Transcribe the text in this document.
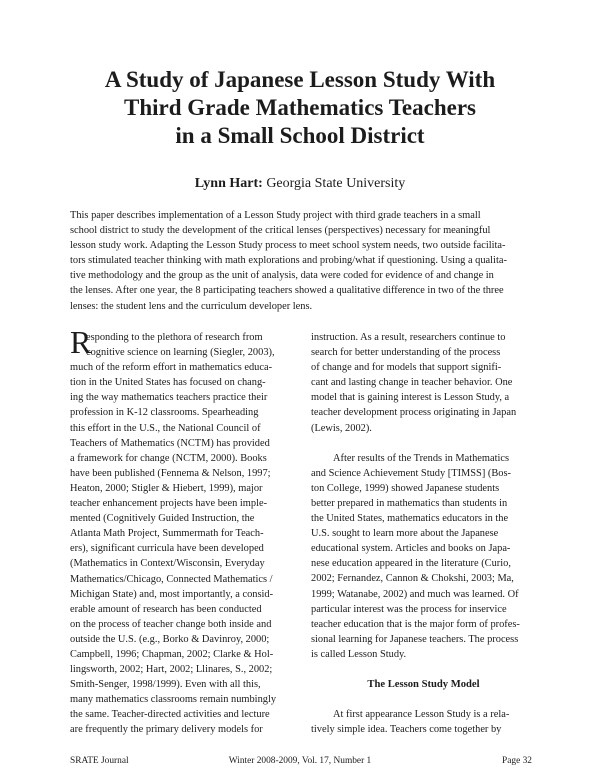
A Study of Japanese Lesson Study With
Third Grade Mathematics Teachers
in a Small School District
Lynn Hart: Georgia State University
This paper describes implementation of a Lesson Study project with third grade teachers in a small
school district to study the development of the critical lenses (perspectives) necessary for meaningful
lesson study work. Adapting the Lesson Study process to meet school system needs, two outside facilita-
tors stimulated teacher thinking with math explorations and probing/what if questioning. Using a qualita-
tive methodology and the group as the unit of analysis, data were coded for evidence of and change in
the lenses. After one year, the 8 participating teachers showed a qualitative difference in two of the three
lenses: the student lens and the curriculum developer lens.
R
esponding to the plethora of research from
cognitive science on learning (Siegler, 2003),
much of the reform effort in mathematics educa-
tion in the United States has focused on chang-
ing the way mathematics teachers practice their
profession in K-12 classrooms. Spearheading
this effort in the U.S., the National Council of
Teachers of Mathematics (NCTM) has provided
a framework for change (NCTM, 2000). Books
have been published (Fennema & Nelson, 1997;
Heaton, 2000; Stigler & Hiebert, 1999), major
teacher enhancement projects have been imple-
mented (Cognitively Guided Instruction, the
Atlanta Math Project, Summermath for Teach-
ers), significant curricula have been developed
(Mathematics in Context/Wisconsin, Everyday
Mathematics/Chicago, Connected Mathematics /
Michigan State) and, most importantly, a consid-
erable amount of research has been conducted
on the process of teacher change both inside and
outside the U.S. (e.g., Borko & Davinroy, 2000;
Campbell, 1996; Chapman, 2002; Clarke & Hol-
lingsworth, 2002; Hart, 2002; Llinares, S., 2002;
Smith-Senger, 1998/1999). Even with all this,
many mathematics classrooms remain numbingly
the same. Teacher-directed activities and lecture
are frequently the primary delivery models for
instruction. As a result, researchers continue to
search for better understanding of the process
of change and for models that support signifi-
cant and lasting change in teacher behavior. One
model that is gaining interest is Lesson Study, a
teacher development process originating in Japan
(Lewis, 2002).
After results of the Trends in Mathematics
and Science Achievement Study [TIMSS] (Bos-
ton College, 1999) showed Japanese students
better prepared in mathematics than students in
the United States, mathematics educators in the
U.S. sought to learn more about the Japanese
educational system. Articles and books on Japa-
nese education appeared in the literature (Curio,
2002; Fernandez, Cannon & Chokshi, 2003; Ma,
1999; Watanabe, 2002) and much was learned. Of
particular interest was the process for inservice
teacher education that is the major form of profes-
sional learning for Japanese teachers. The process
is called Lesson Study.
The Lesson Study Model
At first appearance Lesson Study is a rela-
tively simple idea. Teachers come together by
SRATE Journal	Winter 2008-2009, Vol. 17, Number 1	Page 32
